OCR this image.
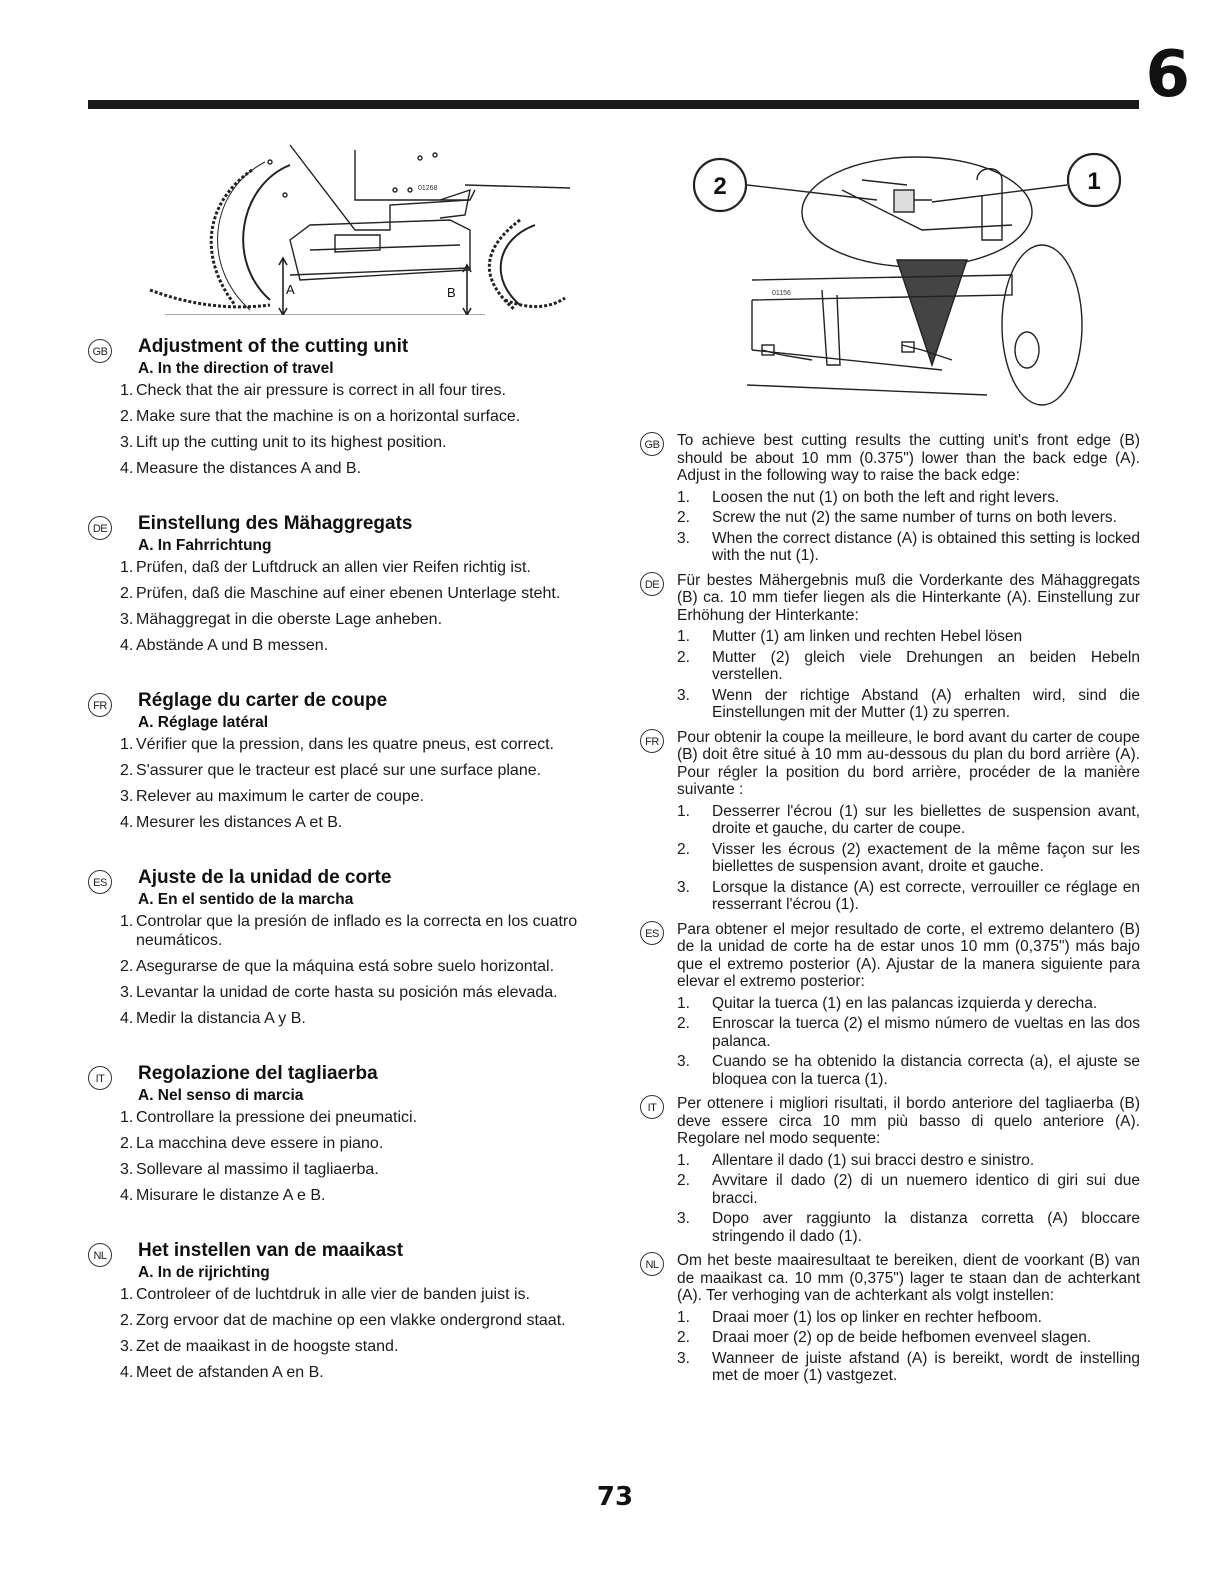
6
A	B
01268	2	1
01156
GB Adjustment of the cutting unit
A. In the direction of travel
1. Check that the air pressure is correct in all four tires.
2. Make sure that the machine is on a horizontal surface.
3. Lift up the cutting unit to its highest position.
4. Measure the distances A and B.
DE Einstellung des Mähaggregats
A. In Fahrrichtung
1. Prüfen, daß der Luftdruck an allen vier Reifen richtig ist.
2. Prüfen, daß die Maschine auf einer ebenen Unterlage steht.
3. Mähaggregat in die oberste Lage anheben.
4. Abstände A und B messen.
FR Réglage du carter de coupe
A. Réglage latéral
1. Vérifier que la pression, dans les quatre pneus, est correct.
2. S'assurer que le tracteur est placé sur une surface plane.
3. Relever au maximum le carter de coupe.
4. Mesurer les distances A et B.
ES Ajuste de la unidad de corte
A. En el sentido de la marcha
1. Controlar que la presión de inflado es la correcta en los cuatro neumáticos.
2. Asegurarse de que la máquina está sobre suelo horizontal.
3. Levantar la unidad de corte hasta su posición más elevada.
4. Medir la distancia A y B.
IT	Regolazione del tagliaerba
A. Nel senso di marcia
1. Controllare la pressione dei pneumatici.
2. La macchina deve essere in piano.
3. Sollevare al massimo il tagliaerba.
4. Misurare le distanze A e B.
NL Het instellen van de maaikast
A. In de rijrichting
1. Controleer of de luchtdruk in alle vier de banden juist is.
2. Zorg ervoor dat de machine op een vlakke ondergrond staat.
3. Zet de maaikast in de hoogste stand.
4. Meet de afstanden A en B.
GB To achieve best cutting results the cutting unit's front edge (B) should be about 10 mm (0.375") lower than the back edge (A). Adjust in the following way to raise the back edge:

1. Loosen the nut (1) on both the left and right levers.
2. Screw the nut (2) the same number of turns on both levers.
3. When the correct distance (A) is obtained this setting is locked with the nut (1).
DE	Für bestes Mähergebnis muß die Vorderkante des Mähaggregats (B) ca. 10 mm tiefer liegen als die Hinterkante (A). Einstellung zur Erhöhung der Hinterkante:

1. Mutter (1) am linken und rechten Hebel lösen
2. Mutter (2) gleich viele Drehungen an beiden Hebeln verstellen.
3. Wenn der richtige Abstand (A) erhalten wird, sind die Einstellungen mit der Mutter (1) zu sperren.
FR	Pour obtenir la coupe la meilleure, le bord avant du carter de coupe (B) doit être situé à 10 mm au-dessous du plan du bord arrière (A). Pour régler la position du bord arrière, procéder de la manière suivante :

1. Desserrer l'écrou (1) sur les biellettes de suspension avant, droite et gauche, du carter de coupe.
2. Visser les écrous (2) exactement de la même façon sur les biellettes de suspension avant, droite et gauche.
3. Lorsque la distance (A) est correcte, verrouiller ce réglage en resserrant l'écrou (1).
ES	Para obtener el mejor resultado de corte, el extremo delantero (B) de la unidad de corte ha de estar unos 10 mm (0,375") más bajo que el extremo posterior (A). Ajustar de la manera siguiente para elevar el extremo posterior:

1. Quitar la tuerca (1) en las palancas izquierda y derecha.
2. Enroscar la tuerca (2) el mismo número de vueltas en las dos palanca.
3. Cuando se ha obtenido la distancia correcta (a), el ajuste se bloquea con la tuerca (1).
IT	Per ottenere i migliori risultati, il bordo anteriore del tagliaerba (B) deve essere circa 10 mm più basso di quelo anteriore (A). Regolare nel modo sequente:

1. Allentare il dado (1) sui bracci destro e sinistro.
2. Avvitare il dado (2) di un nuemero identico di giri sui due bracci.
3. Dopo aver raggiunto la distanza corretta (A) bloccare stringendo il dado (1).
NL	Om het beste maairesultaat te bereiken, dient de voorkant (B) van de maaikast ca. 10 mm (0,375") lager te staan dan de achterkant (A). Ter verhoging van de achterkant als volgt instellen:

1. Draai moer (1) los op linker en rechter hefboom.
2. Draai moer (2) op de beide hefbomen evenveel slagen.
3. Wanneer de juiste afstand (A) is bereikt, wordt de instelling met de moer (1) vastgezet.
73
